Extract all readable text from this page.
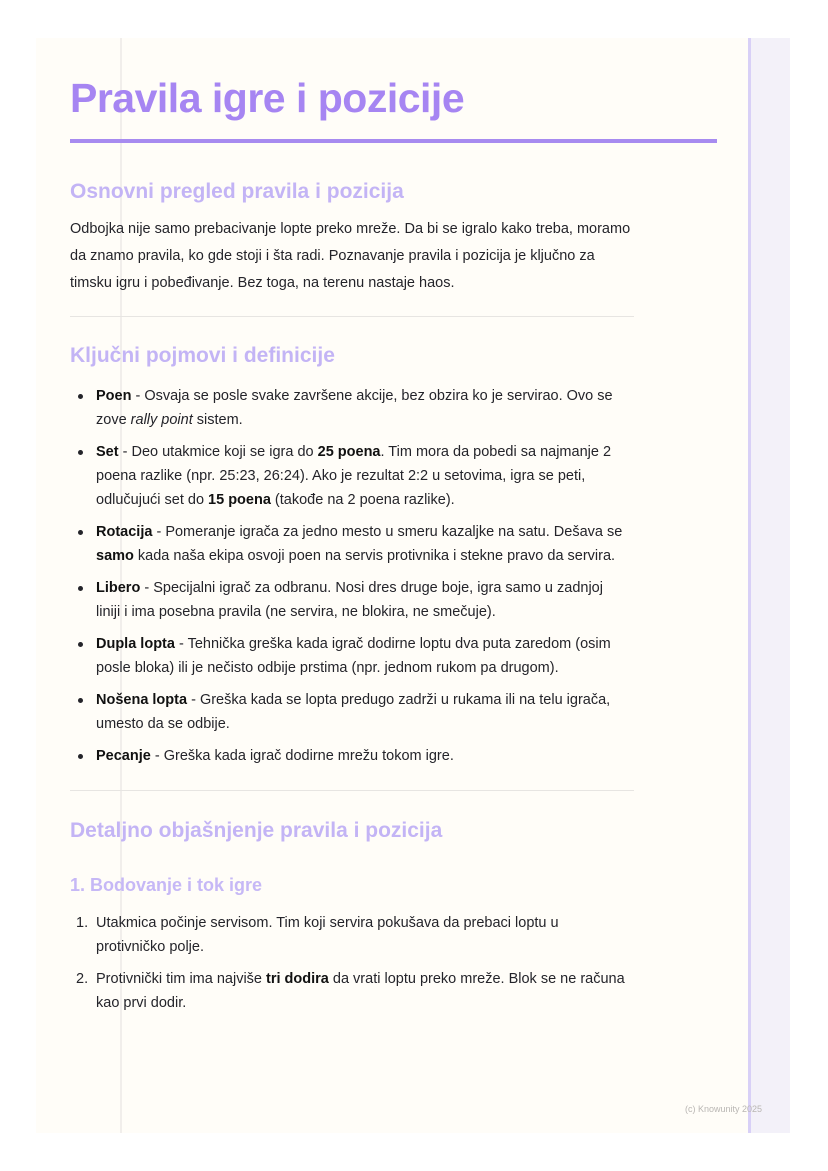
Pravila igre i pozicije
Osnovni pregled pravila i pozicija

Odbojka nije samo prebacivanje lopte preko mreže. Da bi se igralo kako treba, moramo da znamo pravila, ko gde stoji i šta radi. Poznavanje pravila i pozicija je ključno za timsku igru i pobeđivanje. Bez toga, na terenu nastaje haos.

Ključni pojmovi i definicije
Poen - Osvaja se posle svake završene akcije, bez obzira ko je servirao. Ovo se zove rally point sistem.
Set - Deo utakmice koji se igra do 25 poena. Tim mora da pobedi sa najmanje 2 poena razlike (npr. 25:23, 26:24). Ako je rezultat 2:2 u setovima, igra se peti, odlučujući set do 15 poena (takođe na 2 poena razlike).
Rotacija - Pomeranje igrača za jedno mesto u smeru kazaljke na satu. Dešava se samo kada naša ekipa osvoji poen na servis protivnika i stekne pravo da servira.
Libero - Specijalni igrač za odbranu. Nosi dres druge boje, igra samo u zadnjoj liniji i ima posebna pravila (ne servira, ne blokira, ne smečuje).
Dupla lopta - Tehnička greška kada igrač dodirne loptu dva puta zaredom (osim posle bloka) ili je nečisto odbije prstima (npr. jednom rukom pa drugom).
Nošena lopta - Greška kada se lopta predugo zadrži u rukama ili na telu igrača, umesto da se odbije.
Pecanje - Greška kada igrač dodirne mrežu tokom igre.
Detaljno objašnjenje pravila i pozicija
1. Bodovanje i tok igre
1. Utakmica počinje servisom. Tim koji servira pokušava da prebaci loptu u protivničko polje.
2. Protivnički tim ima najviše tri dodira da vrati loptu preko mreže. Blok se ne računa kao prvi dodir.
(c) Knowunity 2025
